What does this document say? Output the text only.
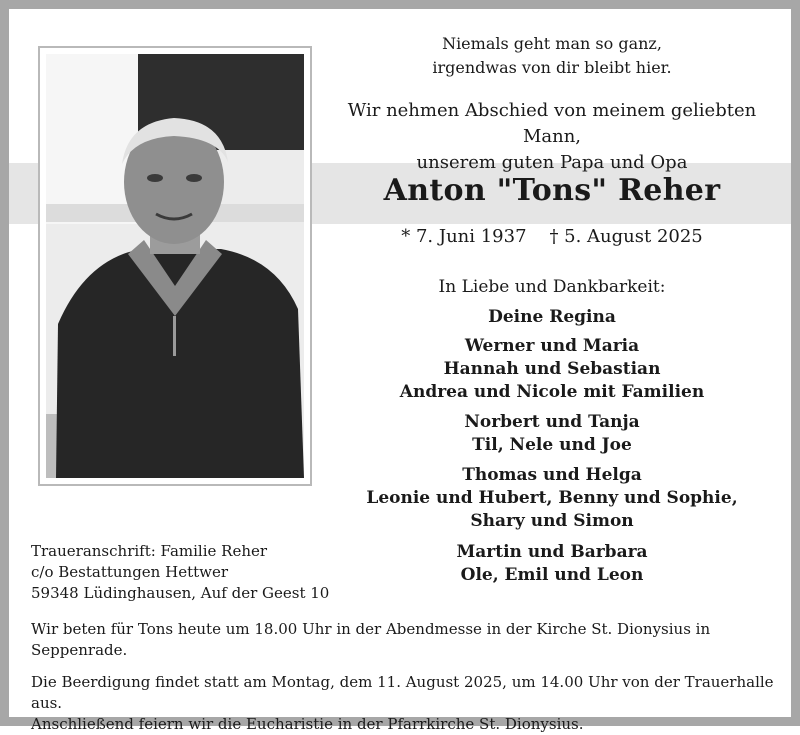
Niemals geht man so ganz,
irgendwas von dir bleibt hier.
Wir nehmen Abschied von meinem geliebten Mann,
unserem guten Papa und Opa
Anton "Tons" Reher
* 7. Juni 1937 † 5. August 2025
In Liebe und Dankbarkeit:
Deine Regina
Werner und Maria
Hannah und Sebastian
Andrea und Nicole mit Familien
Norbert und Tanja
Til, Nele und Joe
Thomas und Helga
Leonie und Hubert, Benny und Sophie,
Shary und Simon
Martin und Barbara
Ole, Emil und Leon
Traueranschrift: Familie Reher
c/o Bestattungen Hettwer
59348 Lüdinghausen, Auf der Geest 10
Wir beten für Tons heute um 18.00 Uhr in der Abendmesse in der Kirche St. Dionysius in Seppenrade.
Die Beerdigung findet statt am Montag, dem 11. August 2025, um 14.00 Uhr von der Trauerhalle aus.
Anschließend feiern wir die Eucharistie in der Pfarrkirche St. Dionysius.
